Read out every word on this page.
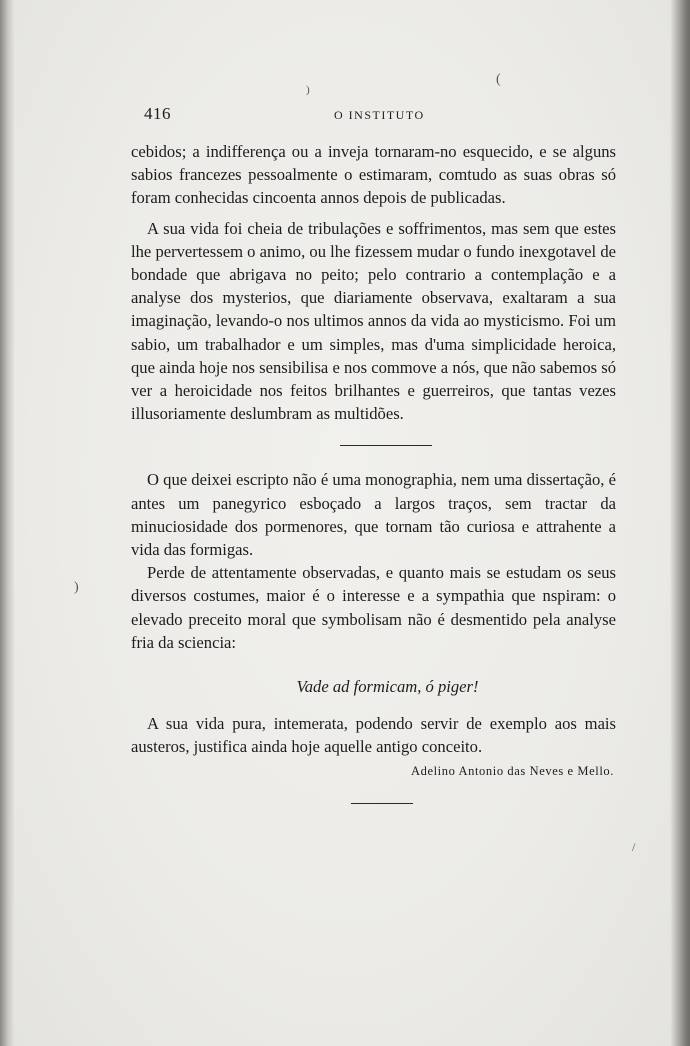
(
)
)
/
416	O INSTITUTO

cebidos; a indifferença ou a inveja tornaram-no esquecido, e se alguns sabios francezes pessoalmente o estimaram, comtudo as suas obras só foram conhecidas cincoenta annos depois de publicadas.

A sua vida foi cheia de tribulações e soffrimentos, mas sem que estes lhe pervertessem o animo, ou lhe fizessem mudar o fundo inexgotavel de bondade que abrigava no peito; pelo contrario a contemplação e a analyse dos mysterios, que diariamente observava, exaltaram a sua imaginação, levando-o nos ultimos annos da vida ao mysticismo. Foi um sabio, um trabalhador e um simples, mas d'uma simplicidade heroica, que ainda hoje nos sensibilisa e nos commove a nós, que não sabemos só ver a heroicidade nos feitos brilhantes e guerreiros, que tantas vezes illusoriamente deslumbram as multidões.

O que deixei escripto não é uma monographia, nem uma dissertação, é antes um panegyrico esboçado a largos traços, sem tractar da minuciosidade dos pormenores, que tornam tão curiosa e attrahente a vida das formigas.

Perde de attentamente observadas, e quanto mais se estudam os seus diversos costumes, maior é o interesse e a sympathia que nspiram: o elevado preceito moral que symbolisam não é desmentido pela analyse fria da sciencia:

Vade ad formicam, ó piger!

A sua vida pura, intemerata, podendo servir de exemplo aos mais austeros, justifica ainda hoje aquelle antigo conceito.

Adelino Antonio das Neves e Mello.
